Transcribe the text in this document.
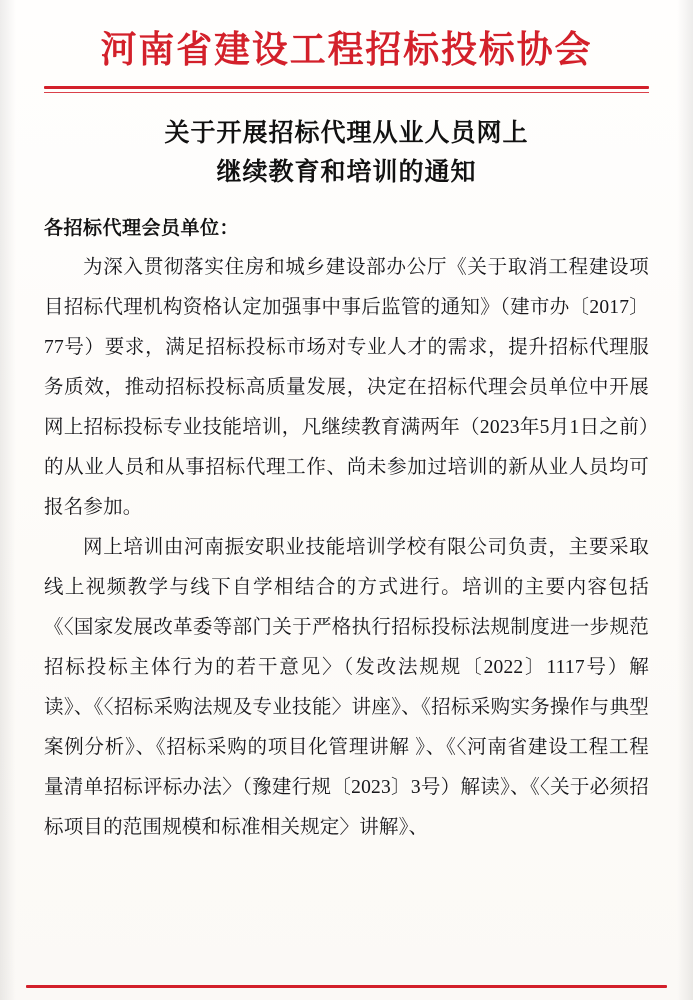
河南省建设工程招标投标协会
关于开展招标代理从业人员网上
继续教育和培训的通知
各招标代理会员单位：

为深入贯彻落实住房和城乡建设部办公厅《关于取消工程建设项目招标代理机构资格认定加强事中事后监管的通知》（建市办〔2017〕77号）要求，满足招标投标市场对专业人才的需求，提升招标代理服务质效，推动招标投标高质量发展，决定在招标代理会员单位中开展网上招标投标专业技能培训，凡继续教育满两年（2023年5月1日之前）的从业人员和从事招标代理工作、尚未参加过培训的新从业人员均可报名参加。

网上培训由河南振安职业技能培训学校有限公司负责，主要采取线上视频教学与线下自学相结合的方式进行。培训的主要内容包括《〈国家发展改革委等部门关于严格执行招标投标法规制度进一步规范招标投标主体行为的若干意见〉（发改法规规〔2022〕1117号）解读》、《〈招标采购法规及专业技能〉讲座》、《招标采购实务操作与典型案例分析》、《招标采购的项目化管理讲解 》、《〈河南省建设工程工程量清单招标评标办法〉（豫建行规〔2023〕3号）解读》、《〈关于必须招标项目的范围规模和标准相关规定〉讲解》、
